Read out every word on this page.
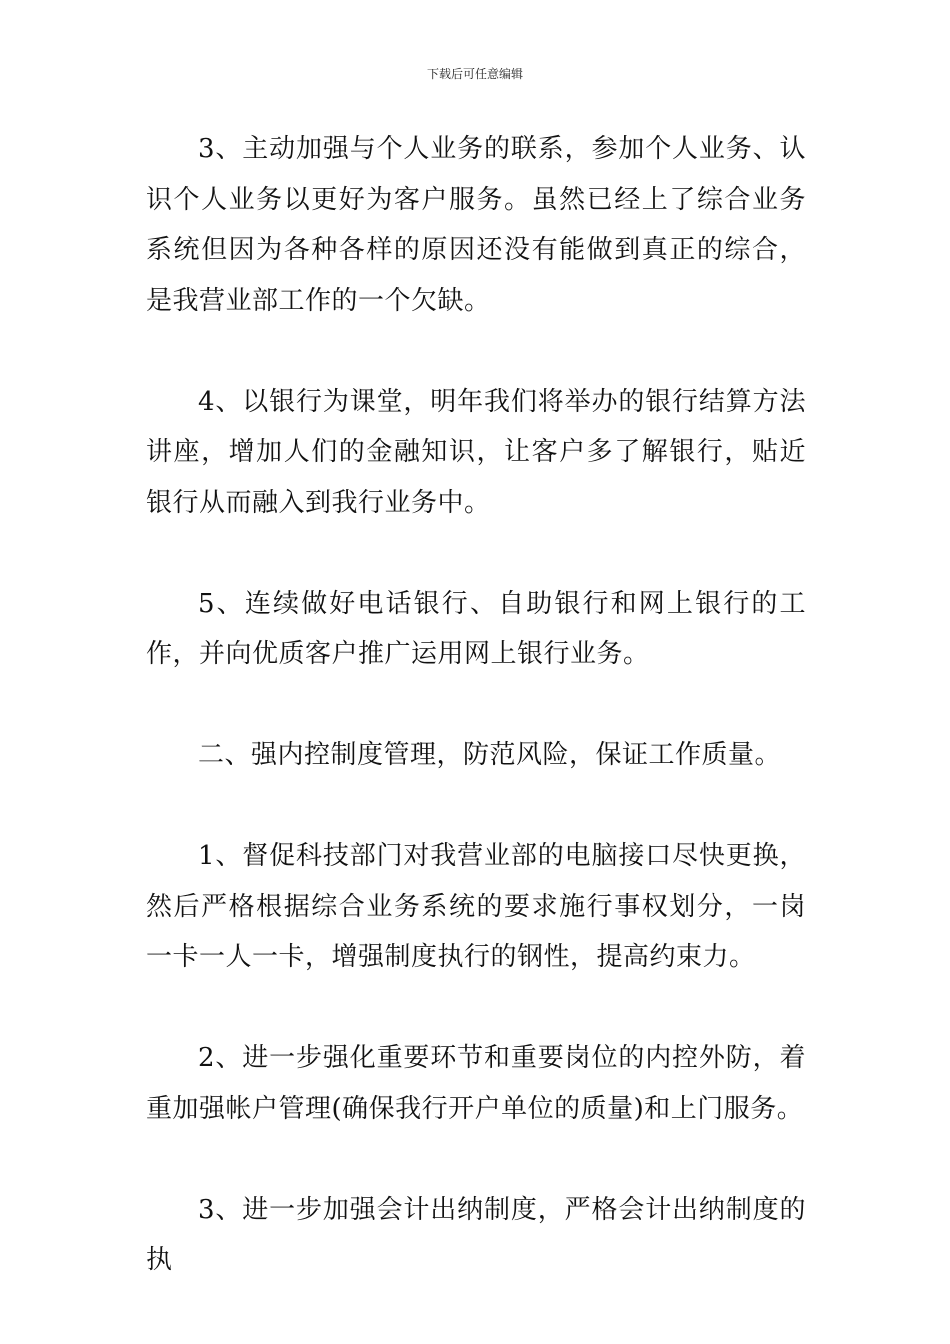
下载后可任意编辑

3、主动加强与个人业务的联系，参加个人业务、认识个人业务以更好为客户服务。虽然已经上了综合业务系统但因为各种各样的原因还没有能做到真正的综合，是我营业部工作的一个欠缺。

4、以银行为课堂，明年我们将举办的银行结算方法讲座，增加人们的金融知识，让客户多了解银行，贴近银行从而融入到我行业务中。

5、连续做好电话银行、自助银行和网上银行的工作，并向优质客户推广运用网上银行业务。

二、强内控制度管理，防范风险，保证工作质量。

1、督促科技部门对我营业部的电脑接口尽快更换，然后严格根据综合业务系统的要求施行事权划分，一岗一卡一人一卡，增强制度执行的钢性，提高约束力。

2、进一步强化重要环节和重要岗位的内控外防，着重加强帐户管理(确保我行开户单位的质量)和上门服务。

3、进一步加强会计出纳制度，严格会计出纳制度的执
